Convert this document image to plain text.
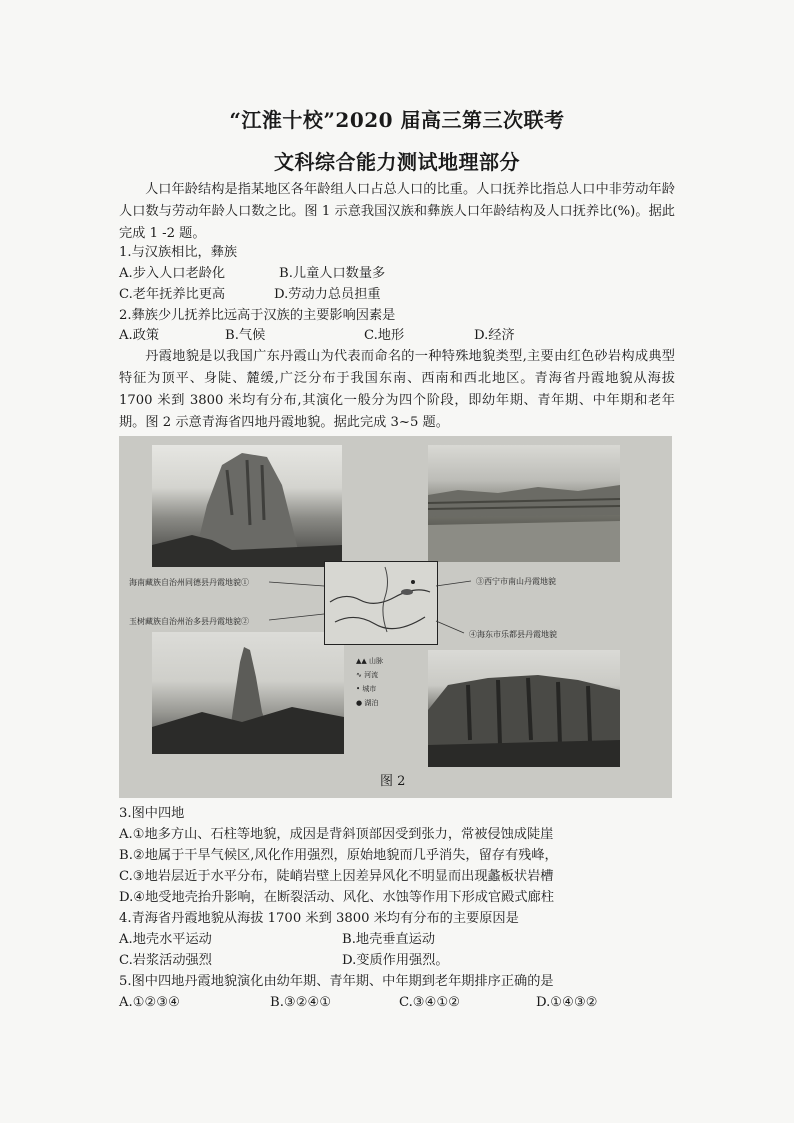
“江淮十校”2020 届高三第三次联考
文科综合能力测试地理部分

人口年龄结构是指某地区各年龄组人口占总人口的比重。人口抚养比指总人口中非劳动年龄人口数与劳动年龄人口数之比。图 1 示意我国汉族和彝族人口年龄结构及人口抚养比(%)。据此完成 1 -2 题。

1.与汉族相比，彝族
A.步入人口老龄化	B.儿童人口数量多
C.老年抚养比更高	D.劳动力总员担重
2.彝族少儿抚养比远高于汉族的主要影响因素是
A.政策	B.气候	C.地形	D.经济

丹霞地貌是以我国广东丹霞山为代表而命名的一种特殊地貌类型,主要由红色砂岩构成典型特征为顶平、身陡、麓缓,广泛分布于我国东南、西南和西北地区。青海省丹霞地貌从海拔 1700 米到 3800 米均有分布,其演化一般分为四个阶段，即幼年期、青年期、中年期和老年期。图 2 示意青海省四地丹霞地貌。据此完成 3~5 题。

海南藏族自治州同德县丹霞地貌①
玉树藏族自治州治多县丹霞地貌②
③西宁市南山丹霞地貌
④海东市乐都县丹霞地貌
▲▲ 山脉
∿ 河流
• 城市
● 湖泊
图 2
3.图中四地
A.①地多方山、石柱等地貌，成因是背斜顶部因受到张力，常被侵蚀成陡崖
B.②地属于干旱气候区,风化作用强烈，原始地貌而几乎消失，留存有残峰，
C.③地岩层近于水平分布，陡峭岩壁上因差异风化不明显而出现蠡板状岩槽
D.④地受地壳抬升影响，在断裂活动、风化、水蚀等作用下形成官殿式廊柱
4.青海省丹霞地貌从海拔 1700 米到 3800 米均有分布的主要原因是
A.地壳水平运动	B.地壳垂直运动
C.岩浆活动强烈	D.变质作用强烈。
5.图中四地丹霞地貌演化由幼年期、青年期、中年期到老年期排序正确的是
A.①②③④	B.③②④①	C.③④①②	D.①④③②
